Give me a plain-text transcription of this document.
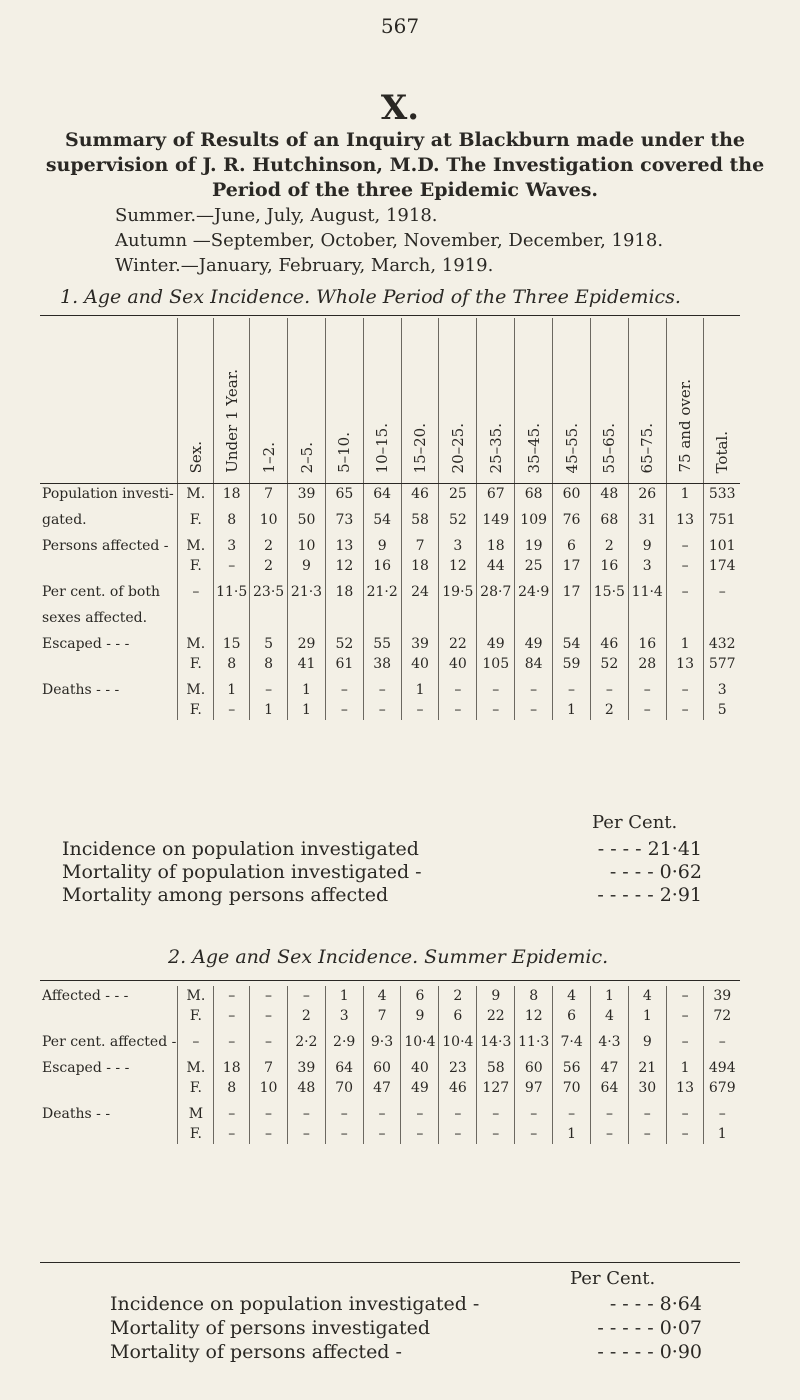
567
X.
Summary of Results of an Inquiry at Blackburn made under the supervision of J. R. Hutchinson, M.D. The Investigation covered the Period of the three Epidemic Waves.
Summer.—June, July, August, 1918.
Autumn —September, October, November, December, 1918.
Winter.—January, February, March, 1919.
1. Age and Sex Incidence. Whole Period of the Three Epidemics.
	Sex.	Under 1 Year.	1–2.	2–5.	5–10.	10–15.	15–20.	20–25.	25–35.	35–45.	45–55.	55–65.	65–75.	75 and over.	Total.
Population investi-	M.	18	7	39	65	64	46	25	67	68	60	48	26	1	533
gated.	F.	8	10	50	73	54	58	52	149	109	76	68	31	13	751
Persons affected -	M.	3	2	10	13	9	7	3	18	19	6	2	9	–	101
	F.	–	2	9	12	16	18	12	44	25	17	16	3	–	174
Per cent. of both	–	11·5	23·5	21·3	18	21·2	24	19·5	28·7	24·9	17	15·5	11·4	–	–
sexes affected.															
Escaped - - -	M.	15	5	29	52	55	39	22	49	49	54	46	16	1	432
	F.	8	8	41	61	38	40	40	105	84	59	52	28	13	577
Deaths - - -	M.	1	–	1	–	–	1	–	–	–	–	–	–	–	3
	F.	–	1	1	–	–	–	–	–	–	1	2	–	–	5
Per Cent.
Incidence on population investigated	- - - - 21·41
Mortality of population investigated -	- - - - 0·62
Mortality among persons affected	- - - - - 2·91
2. Age and Sex Incidence. Summer Epidemic.
Affected - - -	M.	–	–	–	1	4	6	2	9	8	4	1	4	–	39
	F.	–	–	2	3	7	9	6	22	12	6	4	1	–	72
Per cent. affected -	–	–	–	2·2	2·9	9·3	10·4	10·4	14·3	11·3	7·4	4·3	9	–	–
Escaped - - -	M.	18	7	39	64	60	40	23	58	60	56	47	21	1	494
	F.	8	10	48	70	47	49	46	127	97	70	64	30	13	679
Deaths - -	M	–	–	–	–	–	–	–	–	–	–	–	–	–	–
	F.	–	–	–	–	–	–	–	–	–	1	–	–	–	1
Per Cent.
Incidence on population investigated -	- - - - 8·64
Mortality of persons investigated	- - - - - 0·07
Mortality of persons affected -	- - - - - 0·90
